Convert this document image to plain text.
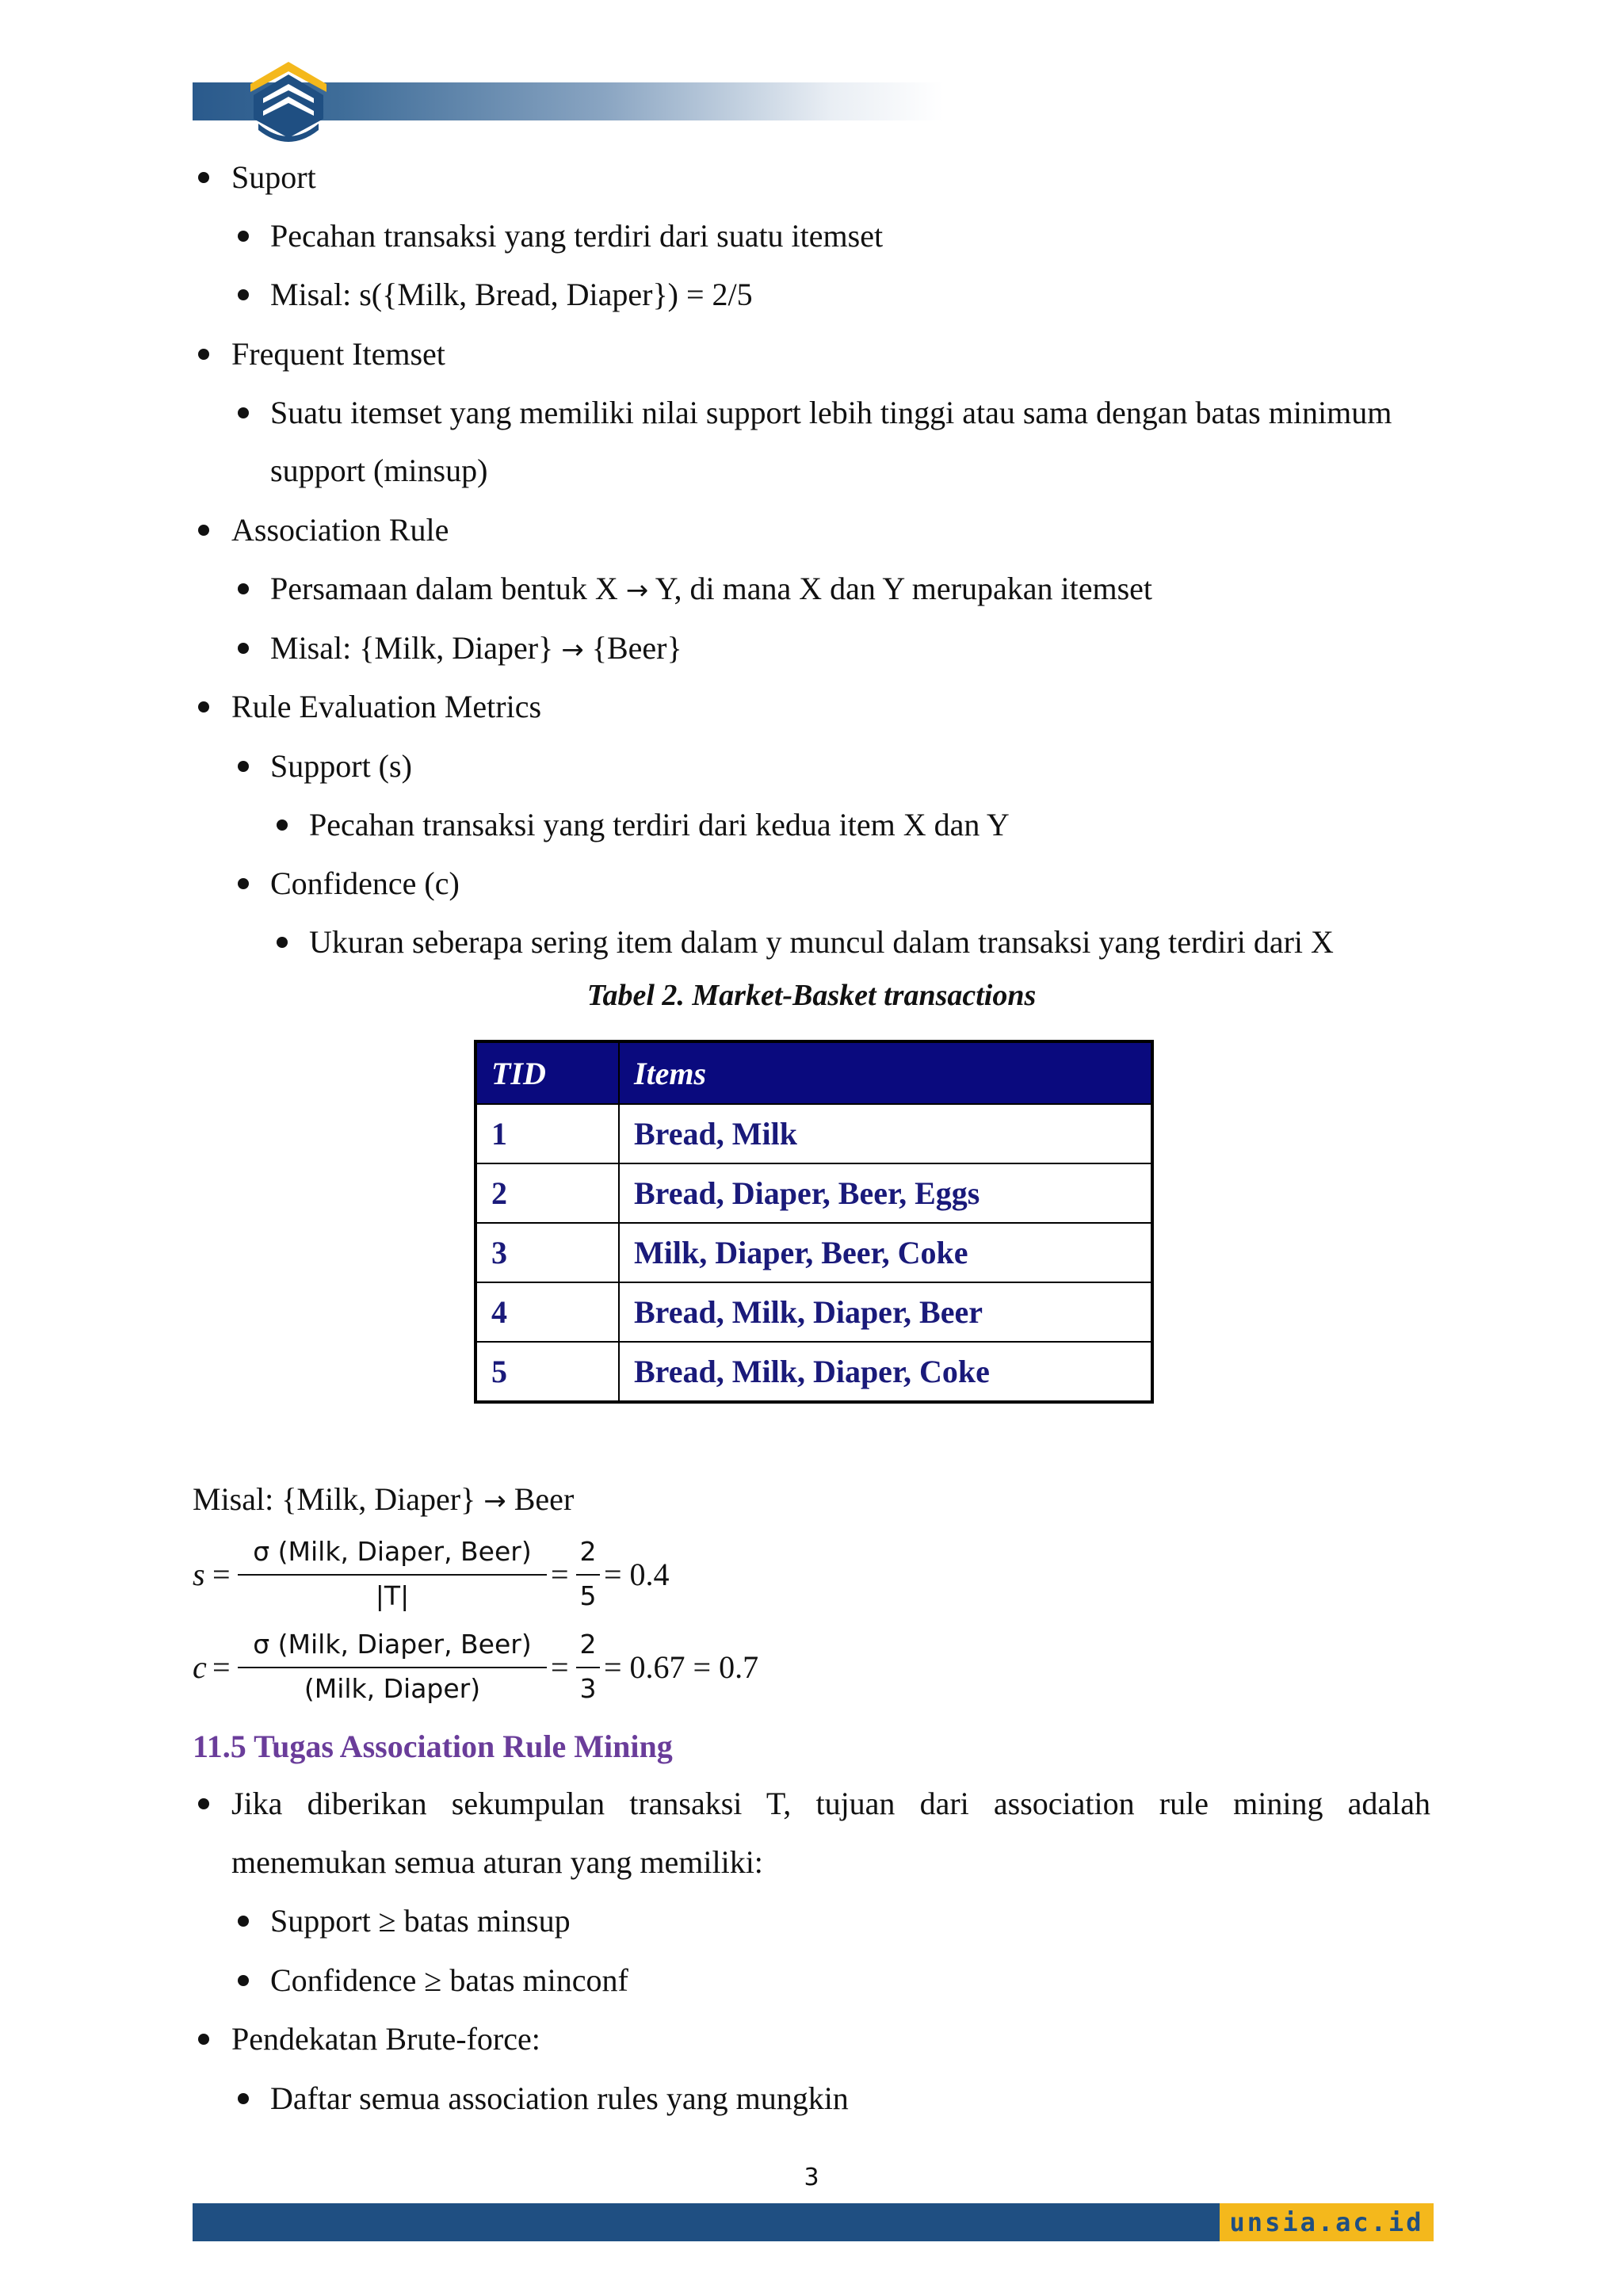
Suport
Pecahan transaksi yang terdiri dari suatu itemset
Misal: s({Milk, Bread, Diaper}) = 2/5
Frequent Itemset
Suatu itemset yang memiliki nilai support lebih tinggi atau sama dengan batas minimum
support (minsup)
Association Rule
Persamaan dalam bentuk X → Y, di mana X dan Y merupakan itemset
Misal: {Milk, Diaper} → {Beer}
Rule Evaluation Metrics
Support (s)
Pecahan transaksi yang terdiri dari kedua item X dan Y
Confidence (c)
Ukuran seberapa sering item dalam y muncul dalam transaksi yang terdiri dari X
Tabel 2. Market-Basket transactions
TID	Items
1	Bread, Milk
2	Bread, Diaper, Beer, Eggs
3	Milk, Diaper, Beer, Coke
4	Bread, Milk, Diaper, Beer
5	Bread, Milk, Diaper, Coke
Misal: {Milk, Diaper} → Beer
s =
σ (Milk, Diaper, Beer)
|T|
=
2
5
= 0.4
c =
σ (Milk, Diaper, Beer)
(Milk, Diaper)
=
2
3
= 0.67 = 0.7
11.5 Tugas Association Rule Mining
Jika diberikan sekumpulan transaksi T, tujuan dari association rule mining adalah
menemukan semua aturan yang memiliki:
Support ≥ batas minsup
Confidence ≥ batas minconf
Pendekatan Brute-force:
Daftar semua association rules yang mungkin
3
unsia.ac.id
